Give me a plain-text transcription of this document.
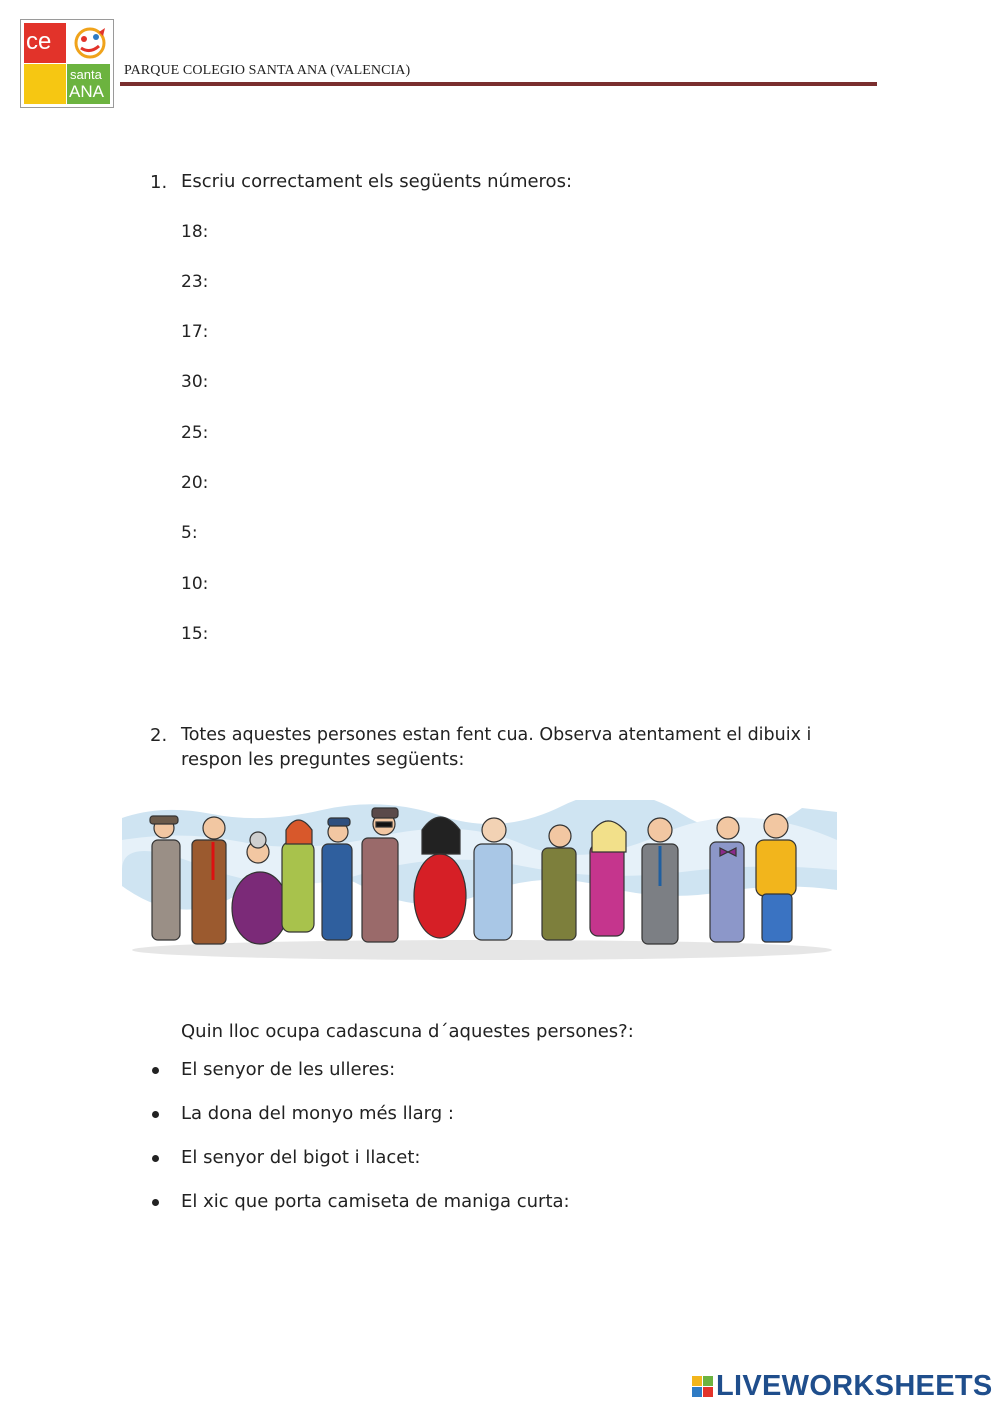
ce
santa
ANA
PARQUE COLEGIO SANTA ANA (VALENCIA)
1. Escriu correctament els següents números:
18:
23:
17:
30:
25:
20:
5:
10:
15:
2. Totes aquestes persones estan fent cua. Observa atentament el dibuix i
respon les preguntes següents:
Quin lloc ocupa cadascuna d´aquestes persones?:
El senyor de les ulleres:
La dona del monyo més llarg :
El senyor del bigot i llacet:
El xic que porta camiseta de maniga curta:
LIVEWORKSHEETS
